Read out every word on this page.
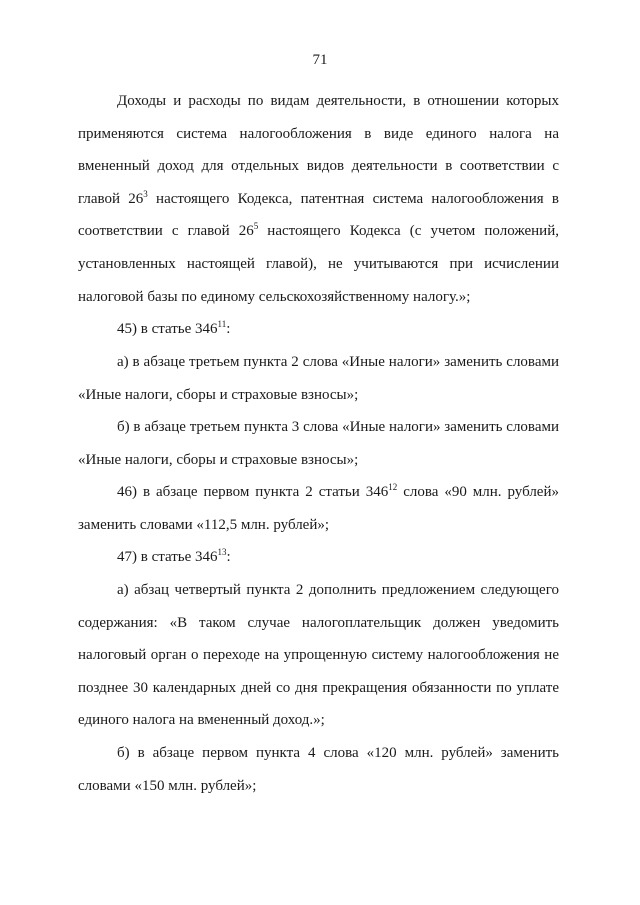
71
Доходы и расходы по видам деятельности, в отношении которых
применяются система налогообложения в виде единого налога на
вмененный доход для отдельных видов деятельности в соответствии с
главой $26^3$ настоящего Кодекса, патентная система налогообложения в
соответствии с главой $26^5$ настоящего Кодекса (с учетом положений,
установленных настоящей главой), не учитываются при исчислении
налоговой базы по единому сельскохозяйственному налогу.»;
45) в статье $346^{11}$:
а) в абзаце третьем пункта 2 слова «Иные налоги» заменить словами
«Иные налоги, сборы и страховые взносы»;
б) в абзаце третьем пункта 3 слова «Иные налоги» заменить словами
«Иные налоги, сборы и страховые взносы»;
46) в абзаце первом пункта 2 статьи $346^{12}$ слова «90 млн. рублей»
заменить словами «112,5 млн. рублей»;
47) в статье $346^{13}$:
а) абзац четвертый пункта 2 дополнить предложением следующего
содержания: «В таком случае налогоплательщик должен уведомить
налоговый орган о переходе на упрощенную систему налогообложения не
позднее 30 календарных дней со дня прекращения обязанности по уплате
единого налога на вмененный доход.»;
б) в абзаце первом пункта 4 слова «120 млн. рублей» заменить
словами «150 млн. рублей»;
